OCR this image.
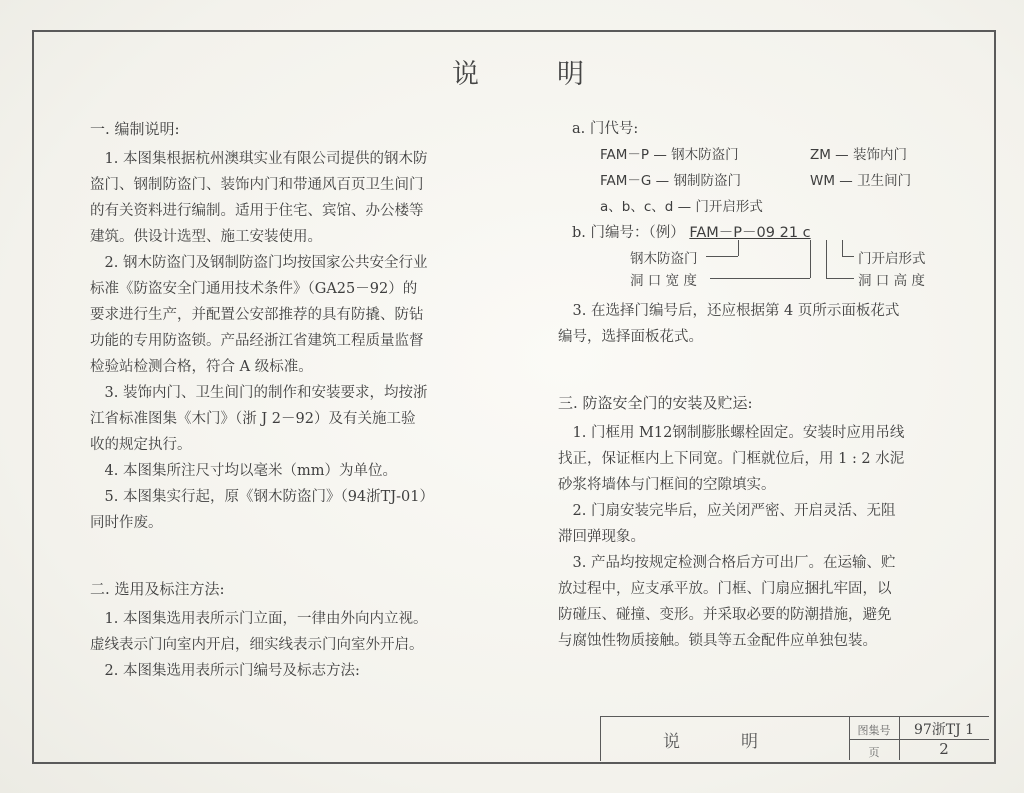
说	明

一. 编制说明:

1. 本图集根据杭州澳琪实业有限公司提供的钢木防

盗门、钢制防盗门、装饰内门和带通风百页卫生间门

的有关资料进行编制。适用于住宅、宾馆、办公楼等

建筑。供设计选型、施工安装使用。

2. 钢木防盗门及钢制防盗门均按国家公共安全行业

标准《防盗安全门通用技术条件》（GA25－92）的

要求进行生产，并配置公安部推荐的具有防撬、防钻

功能的专用防盗锁。产品经浙江省建筑工程质量监督

检验站检测合格，符合 A 级标准。

3. 装饰内门、卫生间门的制作和安装要求，均按浙

江省标准图集《木门》（浙 J 2－92）及有关施工验

收的规定执行。

4. 本图集所注尺寸均以毫米（mm）为单位。

5. 本图集实行起，原《钢木防盗门》（94浙TJ-01）

同时作废。

二. 选用及标注方法:

1. 本图集选用表所示门立面，一律由外向内立视。

虚线表示门向室内开启，细实线表示门向室外开启。

2. 本图集选用表所示门编号及标志方法:

a. 门代号:

FAM－P — 钢木防盗门	ZM — 装饰内门
FAM－G — 钢制防盗门	WM — 卫生间门
a、b、c、d — 门开启形式
b. 门编号：（例） FAM－P－09 21 c
钢木防盗门
洞 口 宽 度
门开启形式
洞 口 高 度

3. 在选择门编号后，还应根据第 4 页所示面板花式

编号，选择面板花式。

三. 防盗安全门的安装及贮运:

1. 门框用 M12钢制膨胀螺栓固定。安装时应用吊线

找正，保证框内上下同宽。门框就位后，用 1 : 2 水泥

砂浆将墙体与门框间的空隙填实。

2. 门扇安装完毕后，应关闭严密、开启灵活、无阻

滞回弹现象。

3. 产品均按规定检测合格后方可出厂。在运输、贮

放过程中，应支承平放。门框、门扇应捆扎牢固，以

防碰压、碰撞、变形。并采取必要的防潮措施，避免

与腐蚀性物质接触。锁具等五金配件应单独包装。

说	明
图集号	97浙TJ 1
页	2
